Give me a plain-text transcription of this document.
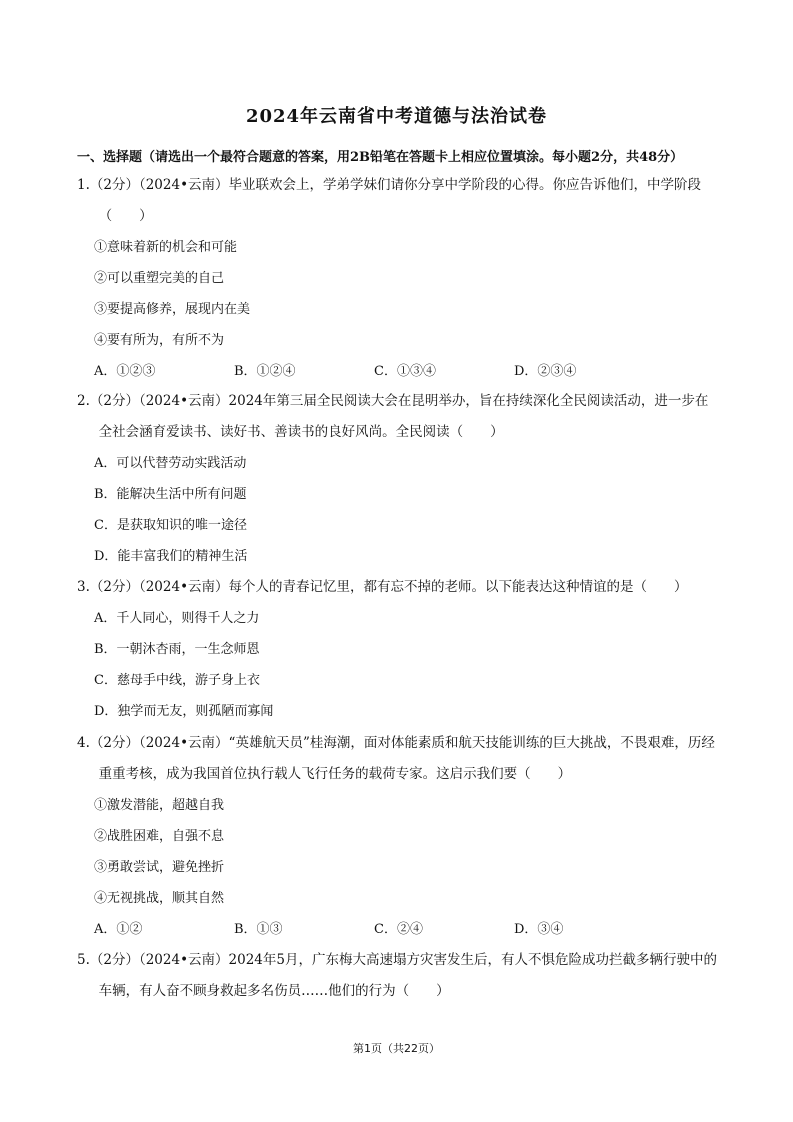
2024年云南省中考道德与法治试卷
一、选择题（请选出一个最符合题意的答案，用2B铅笔在答题卡上相应位置填涂。每小题2分，共48分）
1.（2分）（2024•云南）毕业联欢会上，学弟学妹们请你分享中学阶段的心得。你应告诉他们，中学阶段（　　）
①意味着新的机会和可能
②可以重塑完美的自己
③要提高修养，展现内在美
④要有所为，有所不为
A．①②③	B．①②④	C．①③④	D．②③④
2.（2分）（2024•云南）2024年第三届全民阅读大会在昆明举办，旨在持续深化全民阅读活动，进一步在全社会涵育爱读书、读好书、善读书的良好风尚。全民阅读（　　）
A．可以代替劳动实践活动
B．能解决生活中所有问题
C．是获取知识的唯一途径
D．能丰富我们的精神生活
3.（2分）（2024•云南）每个人的青春记忆里，都有忘不掉的老师。以下能表达这种情谊的是（　　）
A．千人同心，则得千人之力
B．一朝沐杏雨，一生念师恩
C．慈母手中线，游子身上衣
D．独学而无友，则孤陋而寡闻
4.（2分）（2024•云南）“英雄航天员”桂海潮，面对体能素质和航天技能训练的巨大挑战，不畏艰难，历经重重考核，成为我国首位执行载人飞行任务的载荷专家。这启示我们要（　　）
①激发潜能，超越自我
②战胜困难，自强不息
③勇敢尝试，避免挫折
④无视挑战，顺其自然
A．①②	B．①③	C．②④	D．③④
5.（2分）（2024•云南）2024年5月，广东梅大高速塌方灾害发生后，有人不惧危险成功拦截多辆行驶中的车辆，有人奋不顾身救起多名伤员……他们的行为（　　）
第1页（共22页）
